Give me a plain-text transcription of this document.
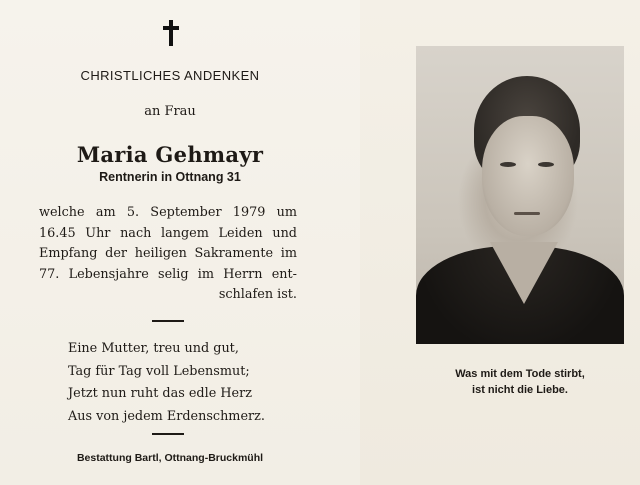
CHRISTLICHES ANDENKEN
an Frau
Maria Gehmayr
Rentnerin in Ottnang 31
welche am 5. September 1979 um
16.45 Uhr nach langem Leiden und
Empfang der heiligen Sakramente im
77. Lebensjahre selig im Herrn ent-
schlafen ist.
Eine Mutter, treu und gut,
Tag für Tag voll Lebensmut;
Jetzt nun ruht das edle Herz
Aus von jedem Erdenschmerz.
Bestattung Bartl, Ottnang-Bruckmühl
Was mit dem Tode stirbt,
ist nicht die Liebe.
